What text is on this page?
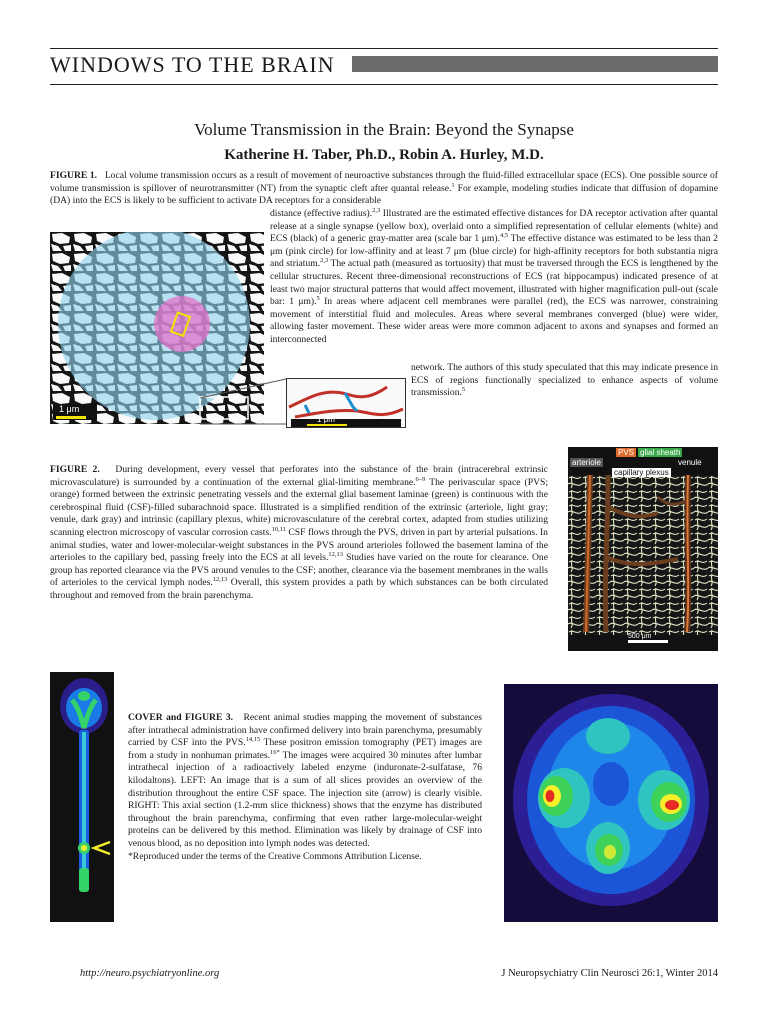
WINDOWS TO THE BRAIN
Volume Transmission in the Brain: Beyond the Synapse
Katherine H. Taber, Ph.D., Robin A. Hurley, M.D.
FIGURE 1. Local volume transmission occurs as a result of movement of neuroactive substances through the fluid-filled extracellular space (ECS). One possible source of volume transmission is spillover of neurotransmitter (NT) from the synaptic cleft after quantal release.$^1$ For example, modeling studies indicate that diffusion of dopamine (DA) into the ECS is likely to be sufficient to activate DA receptors for a considerable
distance (effective radius).$^{2,3}$ Illustrated are the estimated effective distances for DA receptor activation after quantal release at a single synapse (yellow box), overlaid onto a simplified representation of cellular elements (white) and ECS (black) of a generic gray-matter area (scale bar 1 μm).$^{4,5}$ The effective distance was estimated to be less than 2 μm (pink circle) for low-affinity and at least 7 μm (blue circle) for high-affinity receptors for both substantia nigra and striatum.$^{2,3}$ The actual path (measured as tortuosity) that must be traversed through the ECS is lengthened by the cellular structures. Recent three-dimensional reconstructions of ECS (rat hippocampus) indicated presence of at least two major structural patterns that would affect movement, illustrated with higher magnification pull-out (scale bar: 1 μm).$^5$ In areas where adjacent cell membranes were parallel (red), the ECS was narrower, constraining movement of interstitial fluid and molecules. Areas where several membranes converged (blue) were wider, allowing faster movement. These wider areas were more common adjacent to axons and synapses and formed an interconnected
network. The authors of this study speculated that this may indicate presence in ECS of regions functionally specialized to enhance aspects of volume transmission.$^5$
1 μm
1 μm
FIGURE 2. During development, every vessel that perforates into the substance of the brain (intracerebral extrinsic microvasculature) is surrounded by a continuation of the external glial-limiting membrane.$^{6-9}$ The perivascular space (PVS; orange) formed between the extrinsic penetrating vessels and the external glial basement laminae (green) is continuous with the cerebrospinal fluid (CSF)-filled subarachnoid space. Illustrated is a simplified rendition of the extrinsic (arteriole, light gray; venule, dark gray) and intrinsic (capillary plexus, white) microvasculature of the cerebral cortex, adapted from studies utilizing scanning electron microscopy of vascular corrosion casts.$^{10,11}$ CSF flows through the PVS, driven in part by arterial pulsations. In animal studies, water and lower-molecular-weight substances in the PVS around arterioles followed the basement lamina of the arterioles to the capillary bed, passing freely into the ECS at all levels.$^{12,13}$ Studies have varied on the route for clearance. One group has reported clearance via the PVS around venules to the CSF; another, clearance via the basement membranes in the walls of arterioles to the cervical lymph nodes.$^{12,13}$ Overall, this system provides a path by which substances can be both circulated throughout and removed from the brain parenchyma.
PVS glial sheath
arteriole	venule
capillary plexus
500 μm
COVER and FIGURE 3. Recent animal studies mapping the movement of substances after intrathecal administration have confirmed delivery into brain parenchyma, presumably carried by CSF into the PVS.$^{14,15}$ These positron emission tomography (PET) images are from a study in nonhuman primates.$^{16*}$ The images were acquired 30 minutes after lumbar intrathecal injection of a radioactively labeled enzyme (induronate-2-sulfatase, 76 kilodaltons). LEFT: An image that is a sum of all slices provides an overview of the distribution throughout the entire CSF space. The injection site (arrow) is clearly visible. RIGHT: This axial section (1.2-mm slice thickness) shows that the enzyme has distributed throughout the brain parenchyma, confirming that even rather large-molecular-weight proteins can be delivered by this method. Elimination was likely by drainage of CSF into venous blood, as no deposition into lymph nodes was detected.
*Reproduced under the terms of the Creative Commons Attribution License.
http://neuro.psychiatryonline.org	J Neuropsychiatry Clin Neurosci 26:1, Winter 2014
